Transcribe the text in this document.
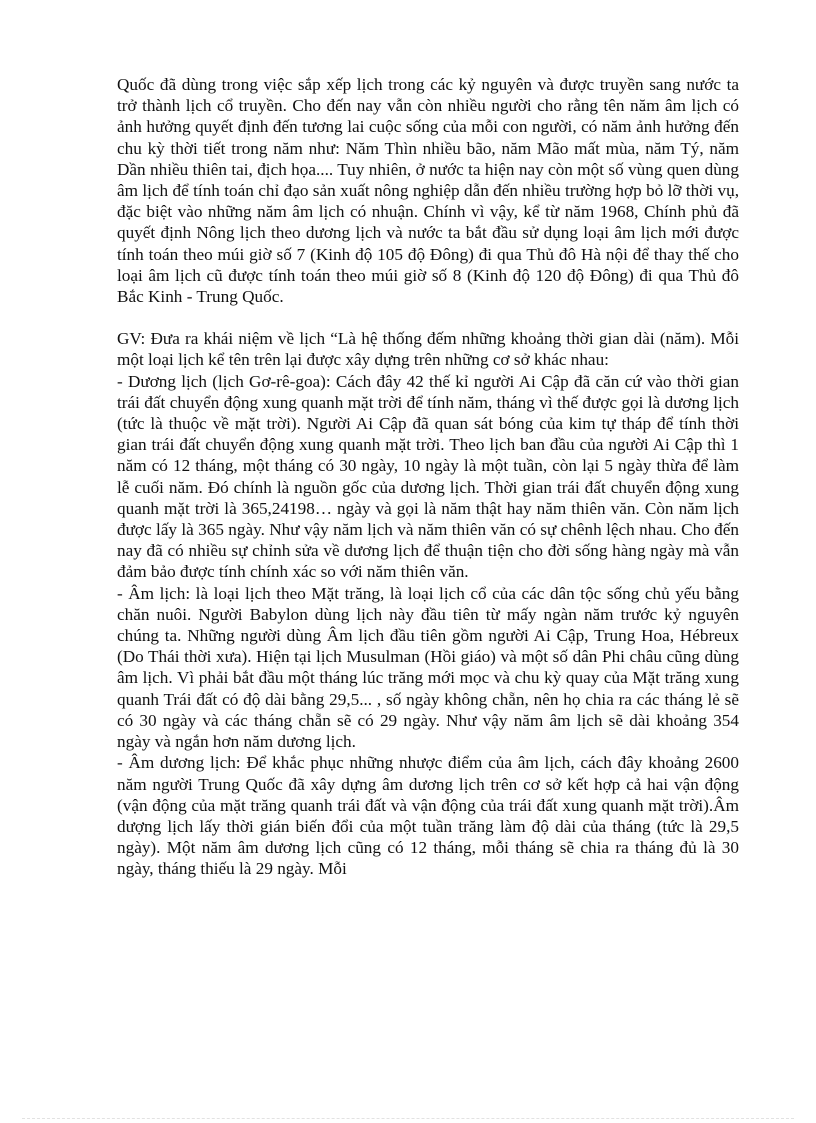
Quốc đã dùng trong việc sắp xếp lịch trong các kỷ nguyên và được truyền sang nước ta trở thành lịch cổ truyền. Cho đến nay vẫn còn nhiều người cho rằng tên năm âm lịch có ảnh hưởng quyết định đến tương lai cuộc sống của mỗi con người, có năm ảnh hưởng đến chu kỳ thời tiết trong năm như: Năm Thìn nhiều bão, năm Mão mất mùa, năm Tý, năm Dần nhiều thiên tai, địch họa.... Tuy nhiên, ở nước ta hiện nay còn một số vùng quen dùng âm lịch để tính toán chỉ đạo sản xuất nông nghiệp dẫn đến nhiều trường hợp bỏ lỡ thời vụ, đặc biệt vào những năm âm lịch có nhuận. Chính vì vậy, kể từ năm 1968, Chính phủ đã quyết định Nông lịch theo dương lịch và nước ta bắt đầu sử dụng loại âm lịch mới được tính toán theo múi giờ số 7 (Kinh độ 105 độ Đông) đi qua Thủ đô Hà nội để thay thế cho loại âm lịch cũ được tính toán theo múi giờ số 8 (Kinh độ 120 độ Đông) đi qua Thủ đô Bắc Kinh - Trung Quốc.

GV: Đưa ra khái niệm về lịch “Là hệ thống đếm những khoảng thời gian dài (năm). Mỗi một loại lịch kể tên trên lại được xây dựng trên những cơ sở khác nhau:

- Dương lịch (lịch Gơ-rê-goa): Cách đây 42 thế kỉ người Ai Cập đã căn cứ vào thời gian trái đất chuyển động xung quanh mặt trời để tính năm, tháng vì thế được gọi là dương lịch (tức là thuộc về mặt trời). Người Ai Cập đã quan sát bóng của kim tự tháp để tính thời gian trái đất chuyển động xung quanh mặt trời. Theo lịch ban đầu của người Ai Cập thì 1 năm có 12 tháng, một tháng có 30 ngày, 10 ngày là một tuần, còn lại 5 ngày thừa để làm lễ cuối năm. Đó chính là nguồn gốc của dương lịch. Thời gian trái đất chuyển động xung quanh mặt trời là 365,24198… ngày và gọi là năm thật hay năm thiên văn. Còn năm lịch được lấy là 365 ngày. Như vậy năm lịch và năm thiên văn có sự chênh lệch nhau. Cho đến nay đã có nhiều sự chỉnh sửa về dương lịch để thuận tiện cho đời sống hàng ngày mà vẫn đảm bảo được tính chính xác so với năm thiên văn.

- Âm lịch: là loại lịch theo Mặt trăng, là loại lịch cổ của các dân tộc sống chủ yếu bằng chăn nuôi. Người Babylon dùng lịch này đầu tiên từ mấy ngàn năm trước kỷ nguyên chúng ta. Những người dùng Âm lịch đầu tiên gồm người Ai Cập, Trung Hoa, Hébreux (Do Thái thời xưa). Hiện tại lịch Musulman (Hồi giáo) và một số dân Phi châu cũng dùng âm lịch. Vì phải bắt đầu một tháng lúc trăng mới mọc và chu kỳ quay của Mặt trăng xung quanh Trái đất có độ dài bằng 29,5... , số ngày không chẵn, nên họ chia ra các tháng lẻ sẽ có 30 ngày và các tháng chẵn sẽ có 29 ngày. Như vậy năm âm lịch sẽ dài khoảng 354 ngày và ngắn hơn năm dương lịch.

- Âm dương lịch: Để khắc phục những nhược điểm của âm lịch, cách đây khoảng 2600 năm người Trung Quốc đã xây dựng âm dương lịch trên cơ sở kết hợp cả hai vận động (vận động của mặt trăng quanh trái đất và vận động của trái đất xung quanh mặt trời).Âm dượng lịch lấy thời gián biến đổi của một tuần trăng làm độ dài của tháng (tức là 29,5 ngày). Một năm âm dương lịch cũng có 12 tháng, mỗi tháng sẽ chia ra tháng đủ là 30 ngày, tháng thiếu là 29 ngày. Mỗi
